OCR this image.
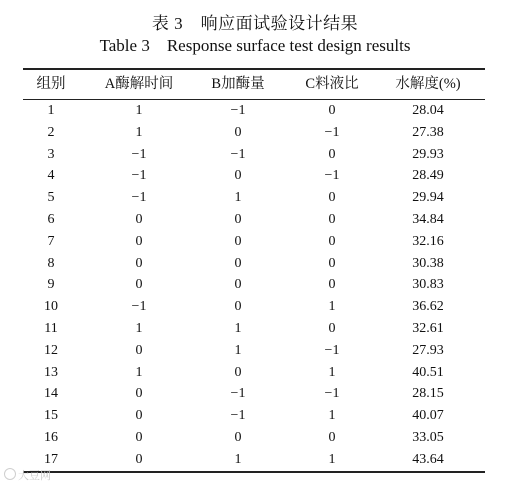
表 3　响应面试验设计结果
Table 3    Response surface test design results
组别	A酶解时间	B加酶量	C料液比	水解度(%)
1	1	−1	0	28.04
2	1	0	−1	27.38
3	−1	−1	0	29.93
4	−1	0	−1	28.49
5	−1	1	0	29.94
6	0	0	0	34.84
7	0	0	0	32.16
8	0	0	0	30.38
9	0	0	0	30.83
10	−1	0	1	36.62
11	1	1	0	32.61
12	0	1	−1	27.93
13	1	0	1	40.51
14	0	−1	−1	28.15
15	0	−1	1	40.07
16	0	0	0	33.05
17	0	1	1	43.64
大豆网
